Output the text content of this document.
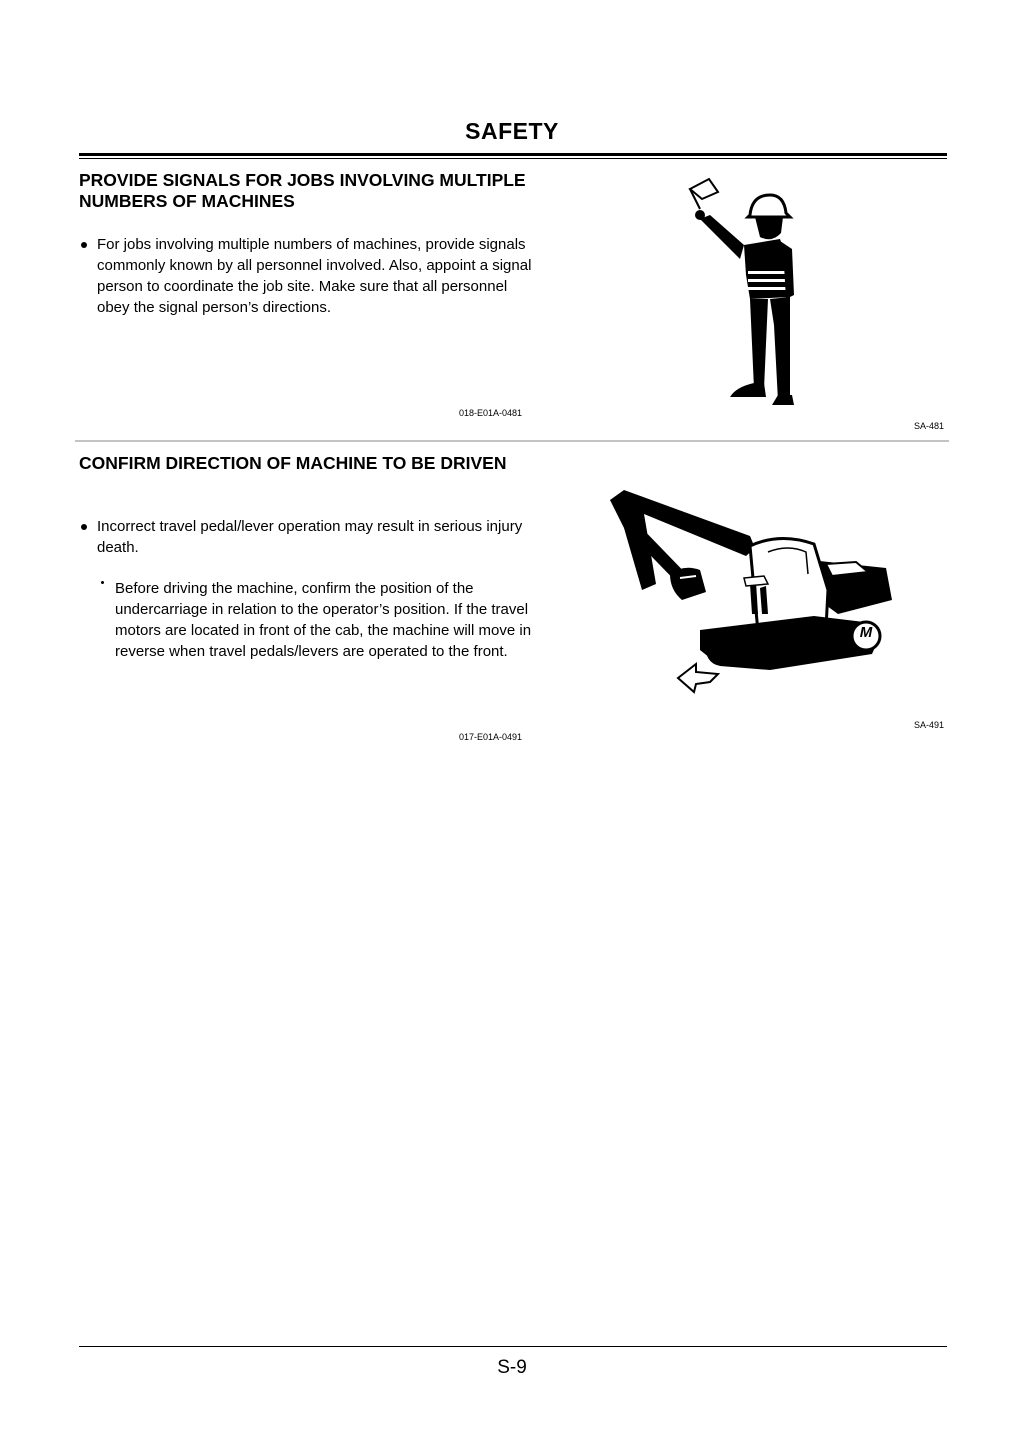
SAFETY
PROVIDE SIGNALS FOR JOBS INVOLVING MULTIPLE NUMBERS OF MACHINES
For jobs involving multiple numbers of machines, provide signals commonly known by all personnel involved. Also, appoint a signal person to coordinate the job site. Make sure that all personnel obey the signal person’s directions.
018-E01A-0481
SA-481
CONFIRM DIRECTION OF MACHINE TO BE DRIVEN
Incorrect travel pedal/lever operation may result in serious injury death.
Before driving the machine, confirm the position of the undercarriage in relation to the operator’s position. If the travel motors are located in front of the cab, the machine will move in reverse when travel pedals/levers are operated to the front.
017-E01A-0491
M
SA-491
S-9
